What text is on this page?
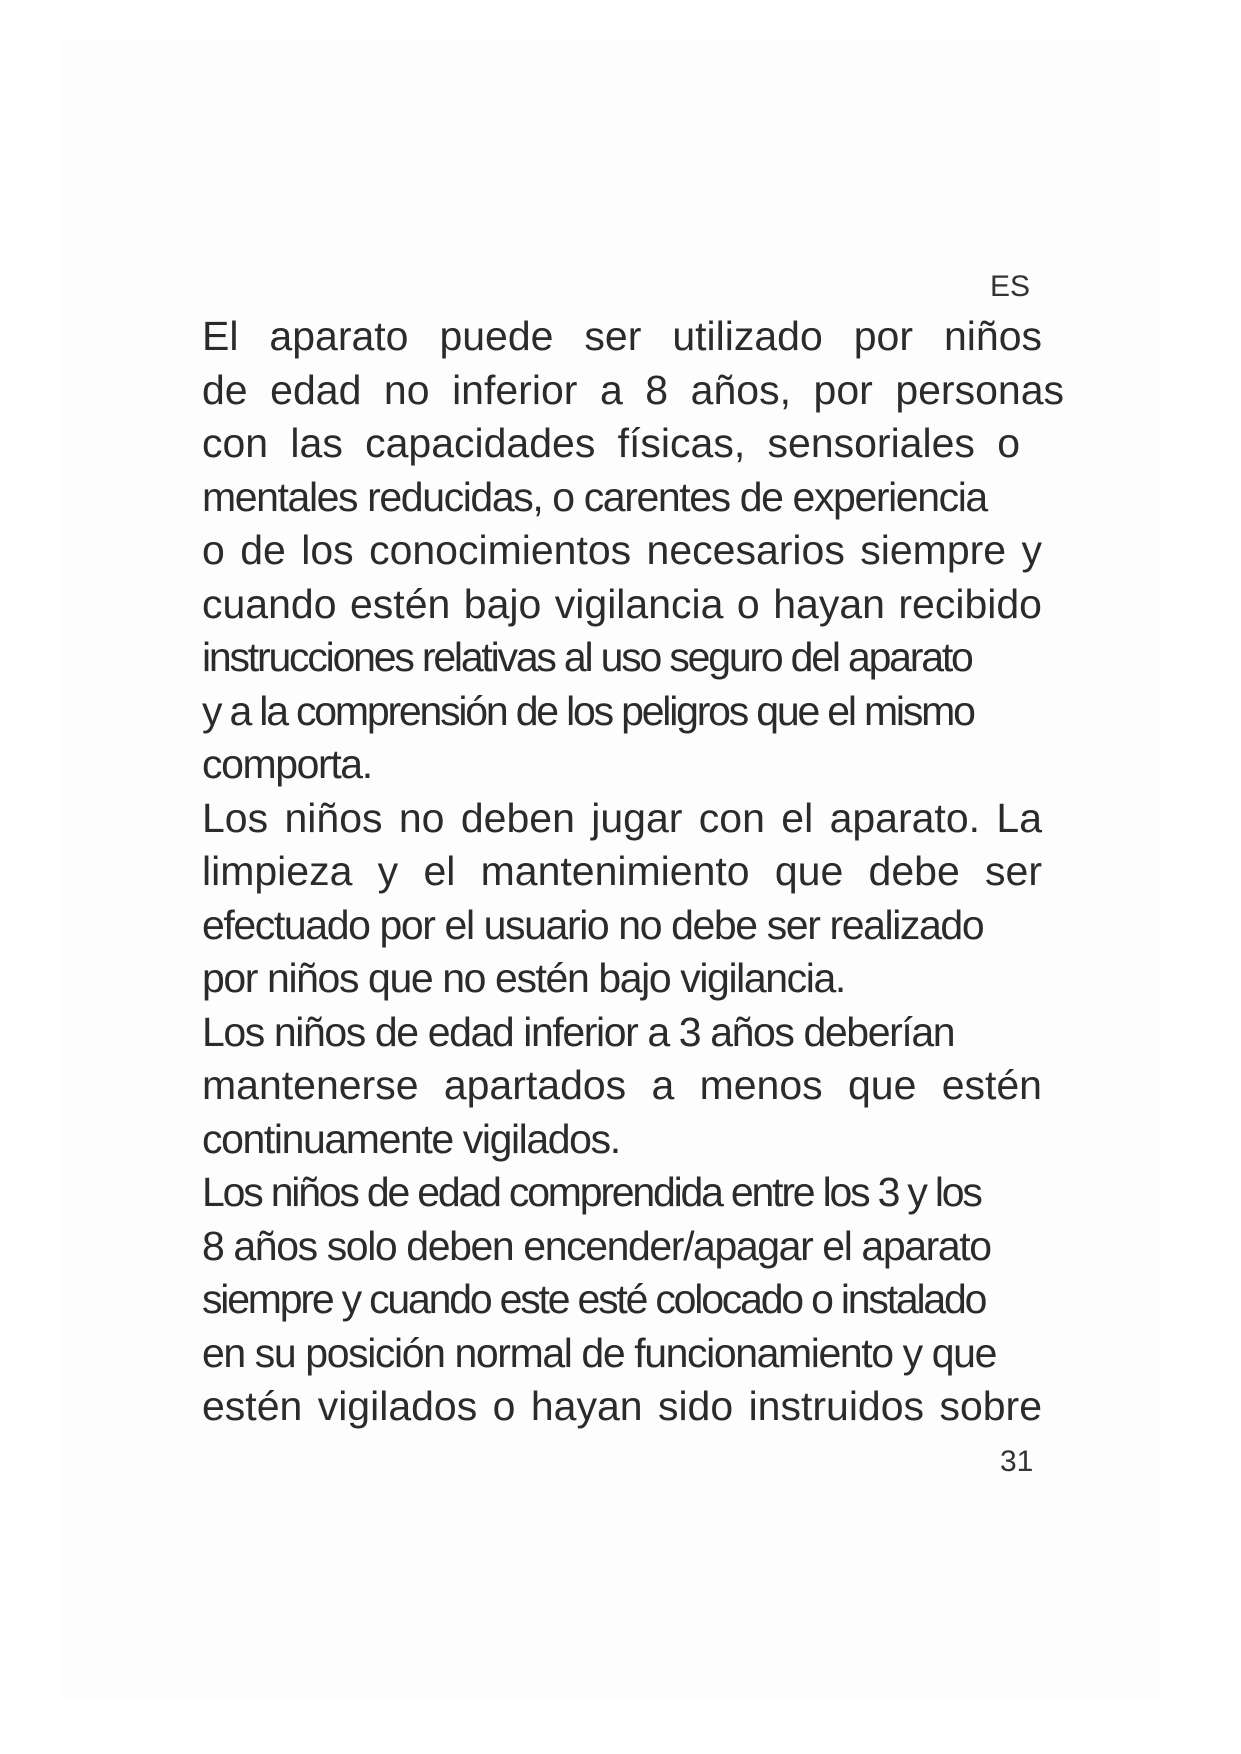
ES
El aparato puede ser utilizado por niños
de edad no inferior a 8 años, por personas
con las capacidades físicas, sensoriales o
mentales reducidas, o carentes de experiencia
o de los conocimientos necesarios siempre y
cuando estén bajo vigilancia o hayan recibido
instrucciones relativas al uso seguro del aparato
y a la comprensión de los peligros que el mismo
comporta.
Los niños no deben jugar con el aparato. La
limpieza y el mantenimiento que debe ser
efectuado por el usuario no debe ser realizado
por niños que no estén bajo vigilancia.
Los niños de edad inferior a 3 años deberían
mantenerse apartados a menos que estén
continuamente vigilados.
Los niños de edad comprendida entre los 3 y los
8 años solo deben encender/apagar el aparato
siempre y cuando este esté colocado o instalado
en su posición normal de funcionamiento y que
estén vigilados o hayan sido instruidos sobre
31
